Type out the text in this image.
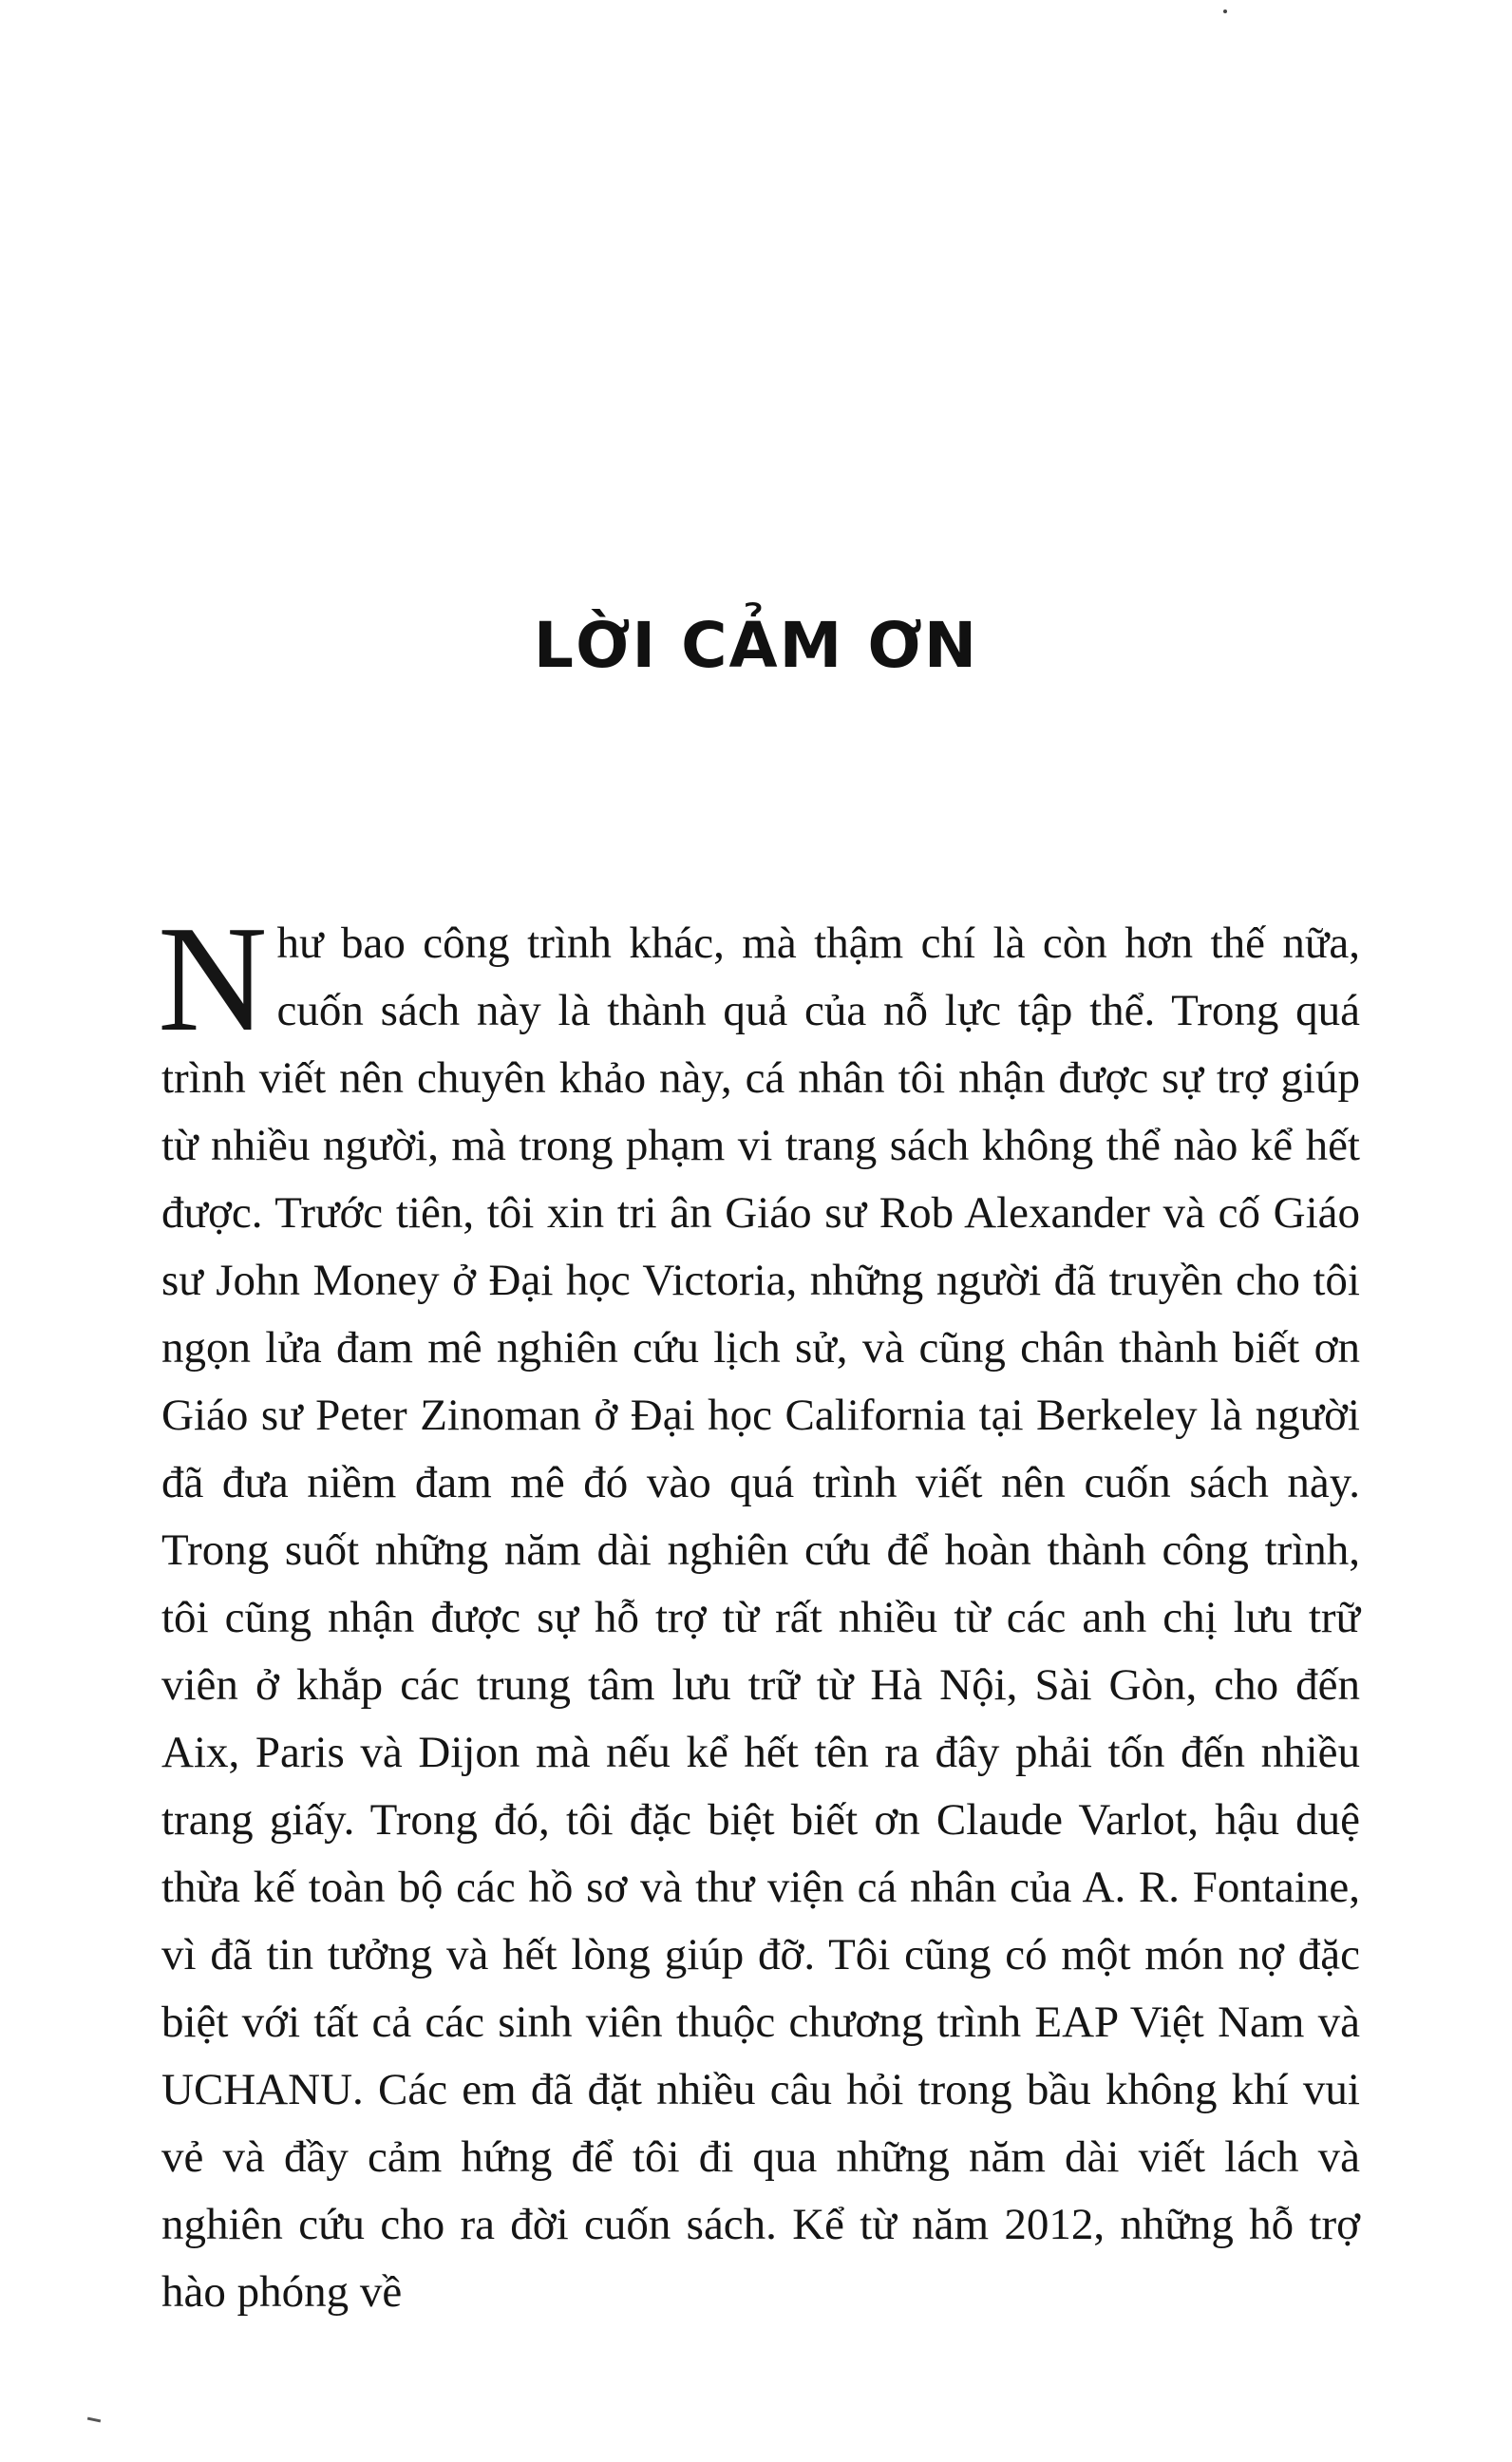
LỜI CẢM ƠN

Như bao công trình khác, mà thậm chí là còn hơn thế nữa, cuốn sách này là thành quả của nỗ lực tập thể. Trong quá trình viết nên chuyên khảo này, cá nhân tôi nhận được sự trợ giúp từ nhiều người, mà trong phạm vi trang sách không thể nào kể hết được. Trước tiên, tôi xin tri ân Giáo sư Rob Alexander và cố Giáo sư John Money ở Đại học Victoria, những người đã truyền cho tôi ngọn lửa đam mê nghiên cứu lịch sử, và cũng chân thành biết ơn Giáo sư Peter Zinoman ở Đại học California tại Berkeley là người đã đưa niềm đam mê đó vào quá trình viết nên cuốn sách này. Trong suốt những năm dài nghiên cứu để hoàn thành công trình, tôi cũng nhận được sự hỗ trợ từ rất nhiều từ các anh chị lưu trữ viên ở khắp các trung tâm lưu trữ từ Hà Nội, Sài Gòn, cho đến Aix, Paris và Dijon mà nếu kể hết tên ra đây phải tốn đến nhiều trang giấy. Trong đó, tôi đặc biệt biết ơn Claude Varlot, hậu duệ thừa kế toàn bộ các hồ sơ và thư viện cá nhân của A. R. Fontaine, vì đã tin tưởng và hết lòng giúp đỡ. Tôi cũng có một món nợ đặc biệt với tất cả các sinh viên thuộc chương trình EAP Việt Nam và UCHANU. Các em đã đặt nhiều câu hỏi trong bầu không khí vui vẻ và đầy cảm hứng để tôi đi qua những năm dài viết lách và nghiên cứu cho ra đời cuốn sách. Kể từ năm 2012, những hỗ trợ hào phóng về
